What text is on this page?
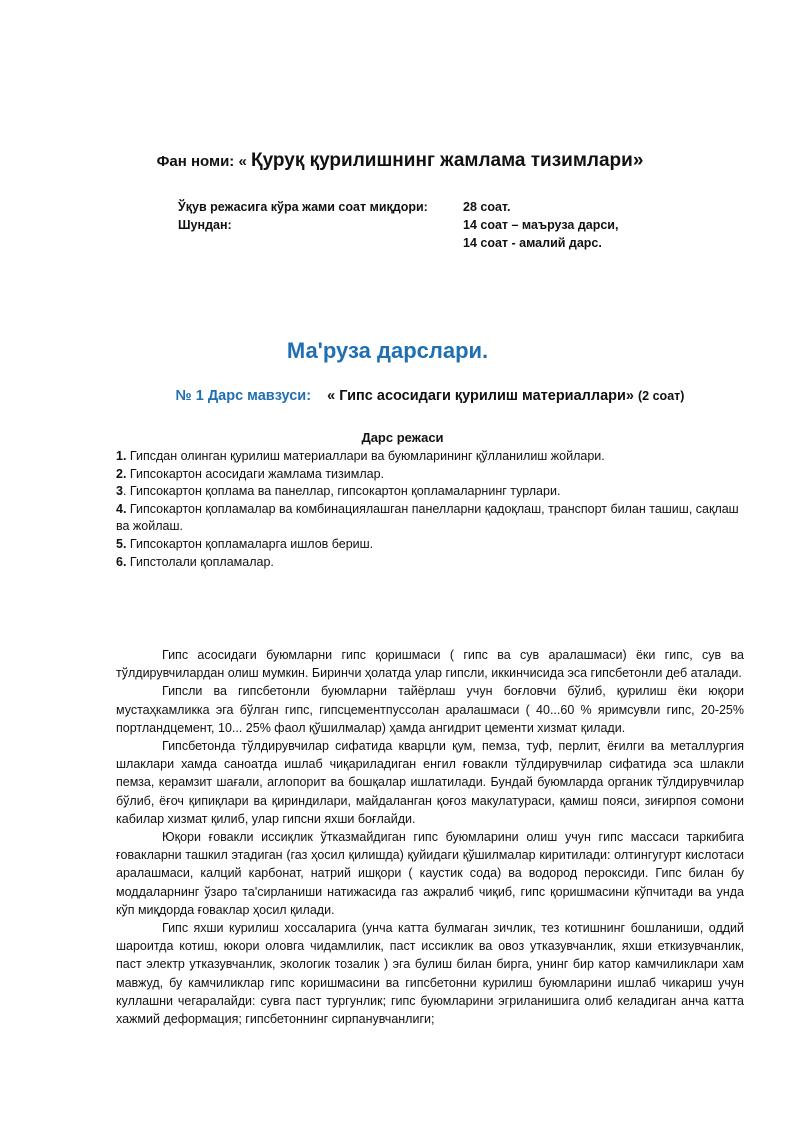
Фан номи: « Қуруқ қурилишнинг жамлама тизимлари»
Ўқув режасига кўра жами соат миқдори:	28 соат.
Шундан:	14 соат – маъруза дарси,
14 соат - амалий дарс.
Ма'руза дарслари.
№ 1 Дарс мавзуси: « Гипс асосидаги қурилиш материаллари» (2 соат)
Дарс режаси

1. Гипсдан олинган қурилиш материаллари ва буюмларининг қўлланилиш жойлари.

2. Гипсокартон асосидаги жамлама тизимлар.

3. Гипсокартон қоплама ва панеллар, гипсокартон қопламаларнинг турлари.

4. Гипсокартон қопламалар ва комбинациялашган панелларни қадоқлаш, транспорт билан ташиш, сақлаш ва жойлаш.

5. Гипсокартон қопламаларга ишлов бериш.

6. Гипстолали қопламалар.

Гипс асосидаги буюмларни гипс қоришмаси ( гипс ва сув аралашмаси) ёки гипс, сув ва тўлдирувчилардан олиш мумкин. Биринчи ҳолатда улар гипсли, иккинчисида эса гипсбетонли деб аталади.

Гипсли ва гипсбетонли буюмларни тайёрлаш учун боғловчи бўлиб, қурилиш ёки юқори мустаҳкамликка эга бўлган гипс, гипсцементпуссолан аралашмаси ( 40...60 % яримсувли гипс, 20-25% портландцемент, 10... 25% фаол қўшилмалар) ҳамда ангидрит цементи хизмат қилади.

Гипсбетонда тўлдирувчилар сифатида кварцли қум, пемза, туф, перлит, ёғилги ва металлургия шлаклари хамда саноатда ишлаб чиқариладиган енгил ғовакли тўлдирувчилар сифатида эса шлакли пемза, керамзит шағали, аглопорит ва бошқалар ишлатилади. Бундай буюмларда органик тўлдирувчилар бўлиб, ёғоч қипиқлари ва қириндилари, майдаланган қоғоз макулатураси, қамиш пояси, зиғирпоя сомони кабилар хизмат қилиб, улар гипсни яхши боғлайди.

Юқори ғовакли иссиқлик ўтказмайдиган гипс буюмларини олиш учун гипс массаси таркибига ғовакларни ташкил этадиган (газ ҳосил қилишда) қуйидаги қўшилмалар киритилади: олтингугурт кислотаси аралашмаси, калций карбонат, натрий ишқори ( каустик сода) ва водород пероксиди. Гипс билан бу моддаларнинг ўзаро та'сирланиши натижасида газ ажралиб чиқиб, гипс қоришмасини кўпчитади ва унда кўп миқдорда ғоваклар ҳосил қилади.

Гипс яхши курилиш хоссаларига (унча катта булмаган зичлик, тез котишнинг бошланиши, оддий шароитда котиш, юкори оловга чидамлилик, паст иссиклик ва овоз утказувчанлик, яхши еткизувчанлик, паст электр утказувчанлик, экологик тозалик ) эга булиш билан бирга, унинг бир катор камчиликлари хам мавжуд, бу камчиликлар гипс коришмасини ва гипсбетонни курилиш буюмларини ишлаб чикариш учун куллашни чегаралайди: сувга паст тургунлик; гипс буюмларини эгриланишига олиб келадиган анча катта хажмий деформация; гипсбетоннинг сирпанувчанлиги;
